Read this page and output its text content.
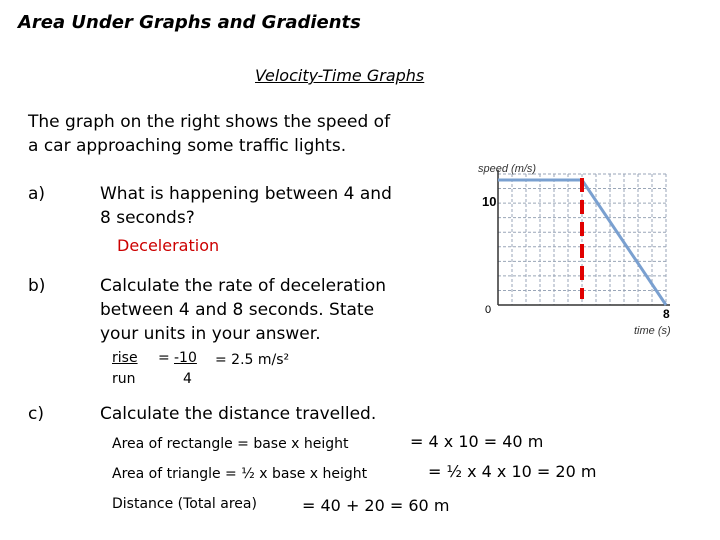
Area Under Graphs and Gradients
Velocity-Time Graphs
The graph on the right shows the speed of
a car approaching some traffic lights.
a)	What is happening between 4 and
8 seconds?
Deceleration
b)	Calculate the rate of deceleration
between 4 and 8 seconds. State
your units in your answer.
rise
run
= -10
4
= 2.5 m/s²
c)	Calculate the distance travelled.
Area of rectangle = base x height	= 4 x 10 = 40 m
Area of triangle = ½ x base x height	= ½ x 4 x 10 = 20 m
Distance (Total area)	= 40 + 20 = 60 m
speed (m/s)
time (s)
10
0	8
